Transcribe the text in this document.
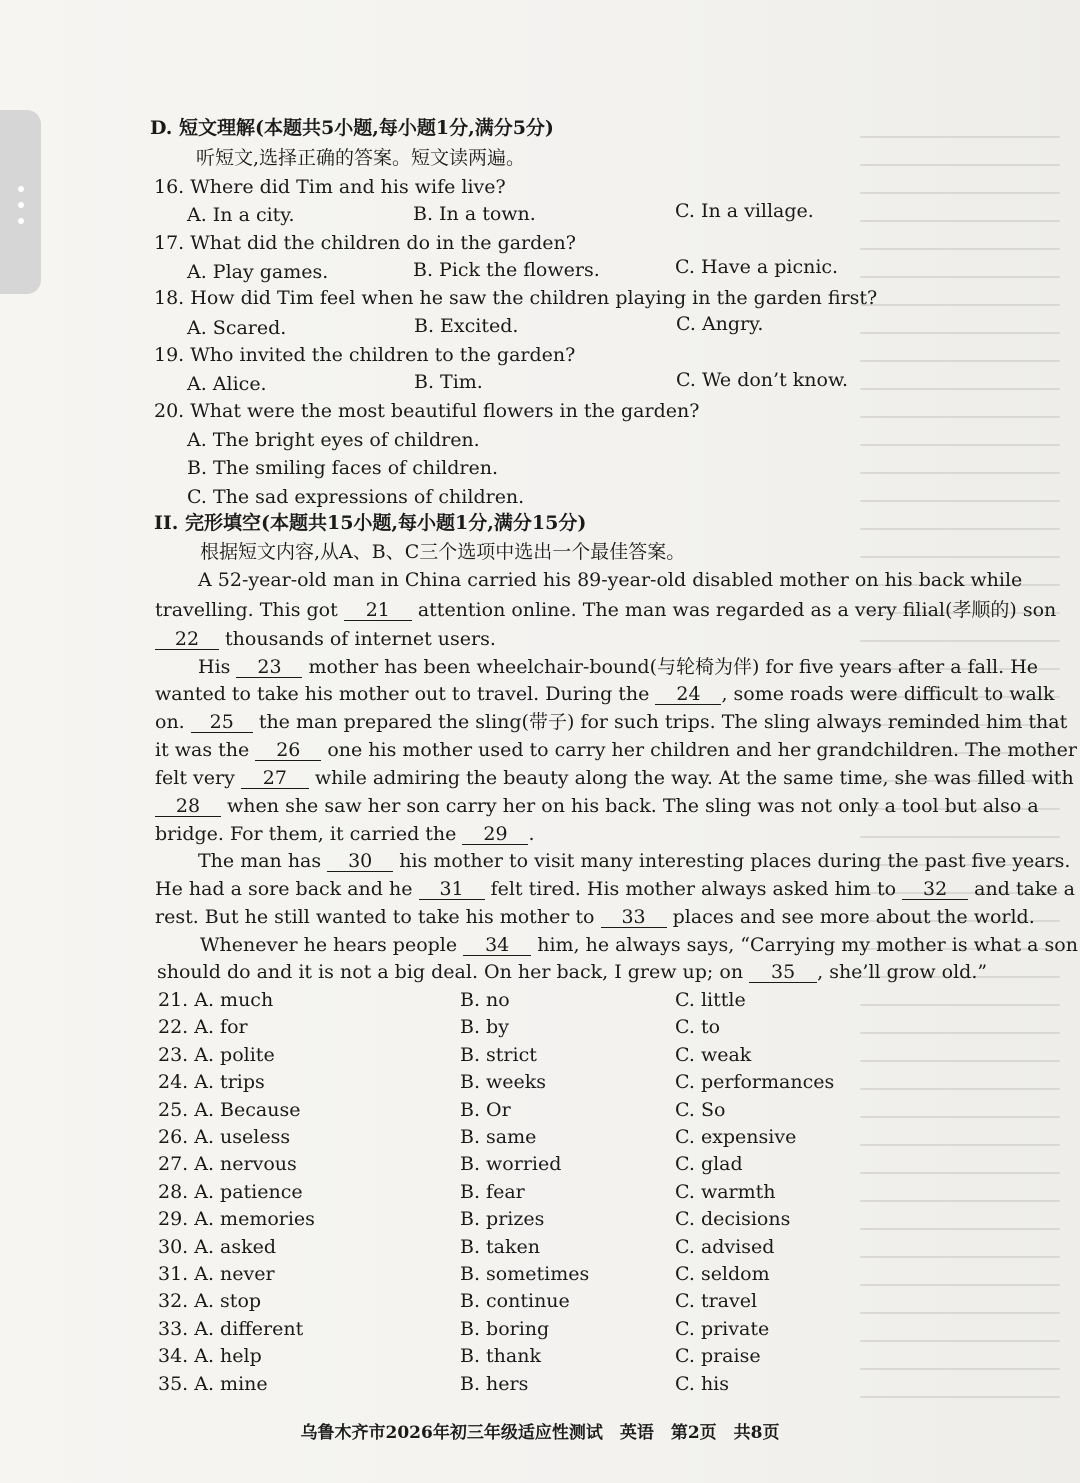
D. 短文理解(本题共5小题,每小题1分,满分5分)
听短文,选择正确的答案。短文读两遍。
16. Where did Tim and his wife live?
A. In a city.	B. In a town.	C. In a village.
17. What did the children do in the garden?
A. Play games.	B. Pick the flowers.	C. Have a picnic.
18. How did Tim feel when he saw the children playing in the garden first?
A. Scared.	B. Excited.	C. Angry.
19. Who invited the children to the garden?
A. Alice.	B. Tim.	C. We don’t know.
20. What were the most beautiful flowers in the garden?
A. The bright eyes of children.
B. The smiling faces of children.
C. The sad expressions of children.
II. 完形填空(本题共15小题,每小题1分,满分15分)
根据短文内容,从A、B、C三个选项中选出一个最佳答案。
A 52-year-old man in China carried his 89-year-old disabled mother on his back while
travelling. This got 21 attention online. The man was regarded as a very filial(孝顺的) son
22 thousands of internet users.
His 23 mother has been wheelchair-bound(与轮椅为伴) for five years after a fall. He
wanted to take his mother out to travel. During the 24 , some roads were difficult to walk
on. 25 the man prepared the sling(带子) for such trips. The sling always reminded him that
it was the 26 one his mother used to carry her children and her grandchildren. The mother
felt very 27 while admiring the beauty along the way. At the same time, she was filled with
28 when she saw her son carry her on his back. The sling was not only a tool but also a
bridge. For them, it carried the 29 .
The man has 30 his mother to visit many interesting places during the past five years.
He had a sore back and he 31 felt tired. His mother always asked him to 32 and take a
rest. But he still wanted to take his mother to 33 places and see more about the world.
Whenever he hears people 34 him, he always says, “Carrying my mother is what a son
should do and it is not a big deal. On her back, I grew up; on 35 , she’ll grow old.”
21. A. much	B. no	C. little
22. A. for	B. by	C. to
23. A. polite	B. strict	C. weak
24. A. trips	B. weeks	C. performances
25. A. Because	B. Or	C. So
26. A. useless	B. same	C. expensive
27. A. nervous	B. worried	C. glad
28. A. patience	B. fear	C. warmth
29. A. memories	B. prizes	C. decisions
30. A. asked	B. taken	C. advised
31. A. never	B. sometimes	C. seldom
32. A. stop	B. continue	C. travel
33. A. different	B. boring	C. private
34. A. help	B. thank	C. praise
35. A. mine	B. hers	C. his
乌鲁木齐市2026年初三年级适应性测试　英语　第2页　共8页
